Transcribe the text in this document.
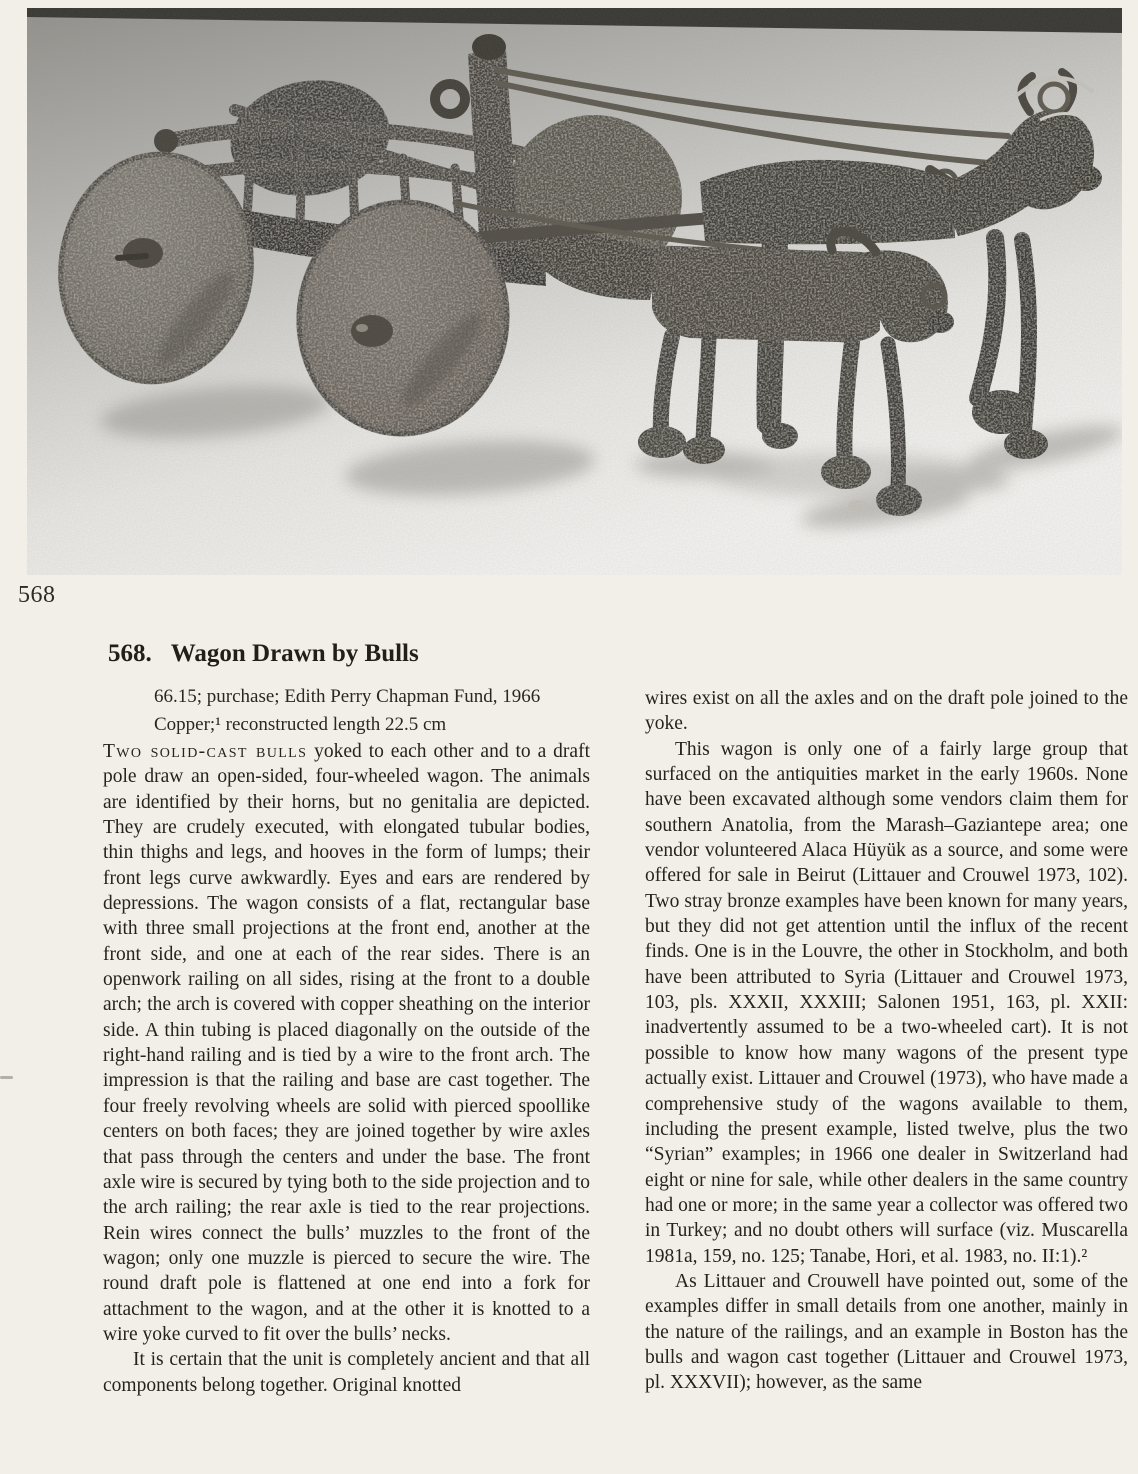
568
568. Wagon Drawn by Bulls
66.15; purchase; Edith Perry Chapman Fund, 1966
Copper;¹ reconstructed length 22.5 cm

Two solid-cast bulls yoked to each other and to a draft pole draw an open-sided, four-wheeled wagon. The animals are identified by their horns, but no genitalia are depicted. They are crudely executed, with elongated tubular bodies, thin thighs and legs, and hooves in the form of lumps; their front legs curve awkwardly. Eyes and ears are rendered by depressions. The wagon consists of a flat, rectangular base with three small projections at the front end, another at the front side, and one at each of the rear sides. There is an openwork railing on all sides, rising at the front to a double arch; the arch is covered with copper sheathing on the interior side. A thin tubing is placed diagonally on the outside of the right-hand railing and is tied by a wire to the front arch. The impression is that the railing and base are cast together. The four freely revolving wheels are solid with pierced spoollike centers on both faces; they are joined together by wire axles that pass through the centers and under the base. The front axle wire is secured by tying both to the side projection and to the arch railing; the rear axle is tied to the rear projections. Rein wires connect the bulls’ muzzles to the front of the wagon; only one muzzle is pierced to secure the wire. The round draft pole is flattened at one end into a fork for attachment to the wagon, and at the other it is knotted to a wire yoke curved to fit over the bulls’ necks.

It is certain that the unit is completely ancient and that all components belong together. Original knotted

wires exist on all the axles and on the draft pole joined to the yoke.

This wagon is only one of a fairly large group that surfaced on the antiquities market in the early 1960s. None have been excavated although some vendors claim them for southern Anatolia, from the Marash–Gaziantepe area; one vendor volunteered Alaca Hüyük as a source, and some were offered for sale in Beirut (Littauer and Crouwel 1973, 102). Two stray bronze examples have been known for many years, but they did not get attention until the influx of the recent finds. One is in the Louvre, the other in Stockholm, and both have been attributed to Syria (Littauer and Crouwel 1973, 103, pls. XXXII, XXXIII; Salonen 1951, 163, pl. XXII: inadvertently assumed to be a two-wheeled cart). It is not possible to know how many wagons of the present type actually exist. Littauer and Crouwel (1973), who have made a comprehensive study of the wagons available to them, including the present example, listed twelve, plus the two “Syrian” examples; in 1966 one dealer in Switzerland had eight or nine for sale, while other dealers in the same country had one or more; in the same year a collector was offered two in Turkey; and no doubt others will surface (viz. Muscarella 1981a, 159, no. 125; Tanabe, Hori, et al. 1983, no. II:1).²

As Littauer and Crouwell have pointed out, some of the examples differ in small details from one another, mainly in the nature of the railings, and an example in Boston has the bulls and wagon cast together (Littauer and Crouwel 1973, pl. XXXVII); however, as the same
